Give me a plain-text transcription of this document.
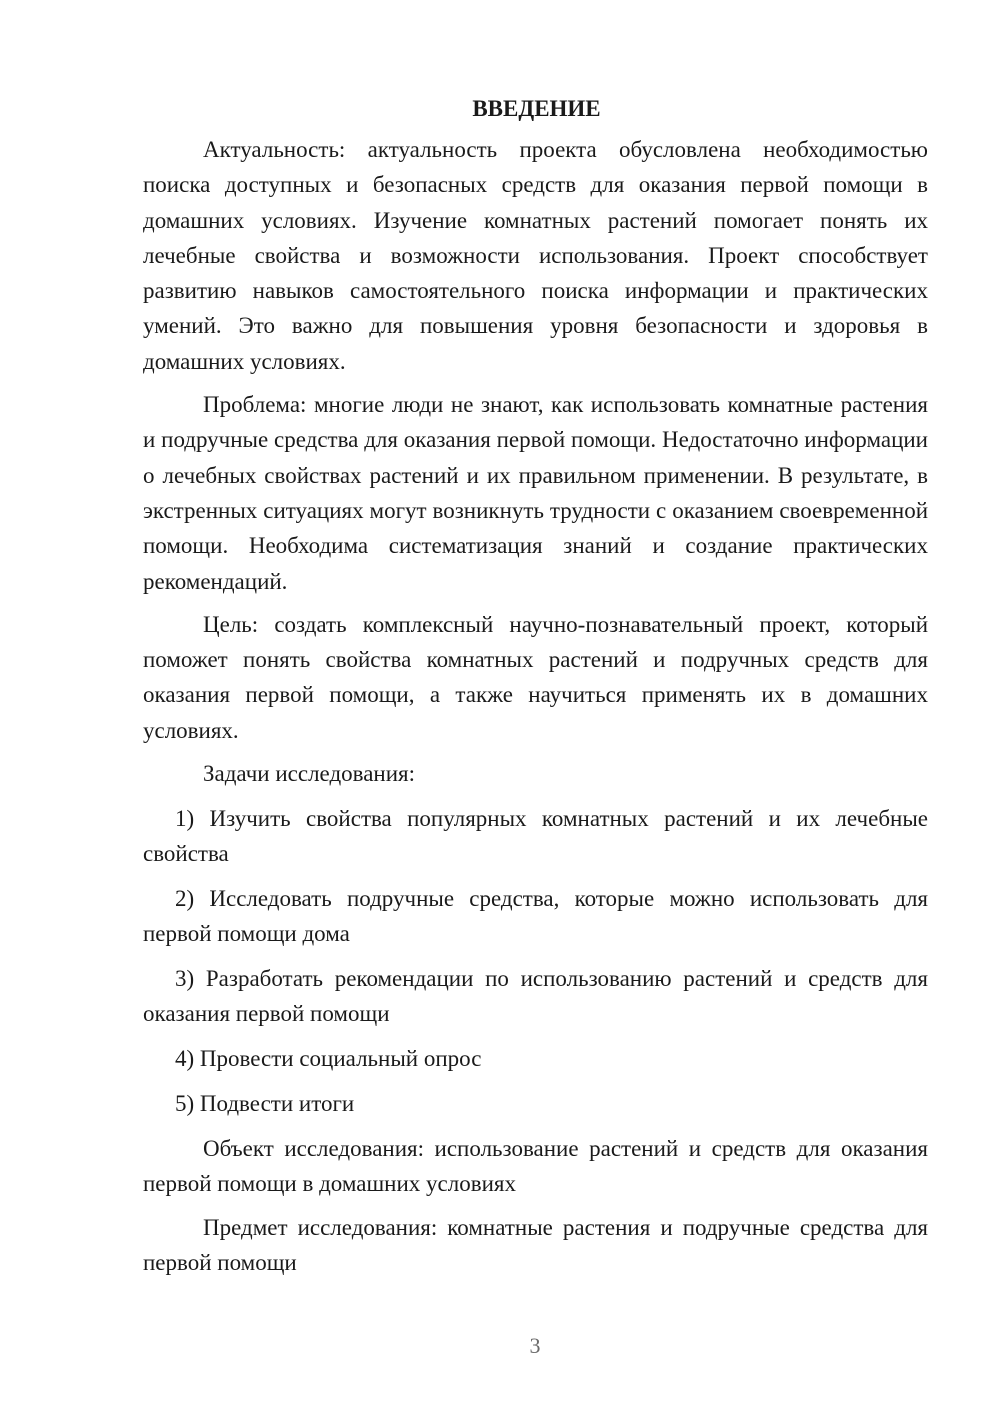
ВВЕДЕНИЕ

Актуальность: актуальность проекта обусловлена необходимостью поиска доступных и безопасных средств для оказания первой помощи в домашних условиях. Изучение комнатных растений помогает понять их лечебные свойства и возможности использования. Проект способствует развитию навыков самостоятельного поиска информации и практических умений. Это важно для повышения уровня безопасности и здоровья в домашних условиях.

Проблема: многие люди не знают, как использовать комнатные растения и подручные средства для оказания первой помощи. Недостаточно информации о лечебных свойствах растений и их правильном применении. В результате, в экстренных ситуациях могут возникнуть трудности с оказанием своевременной помощи. Необходима систематизация знаний и создание практических рекомендаций.

Цель: создать комплексный научно-познавательный проект, который поможет понять свойства комнатных растений и подручных средств для оказания первой помощи, а также научиться применять их в домашних условиях.

Задачи исследования:

1) Изучить свойства популярных комнатных растений и их лечебные свойства

2) Исследовать подручные средства, которые можно использовать для первой помощи дома

3) Разработать рекомендации по использованию растений и средств для оказания первой помощи

4) Провести социальный опрос

5) Подвести итоги

Объект исследования: использование растений и средств для оказания первой помощи в домашних условиях

Предмет исследования: комнатные растения и подручные средства для первой помощи

3
